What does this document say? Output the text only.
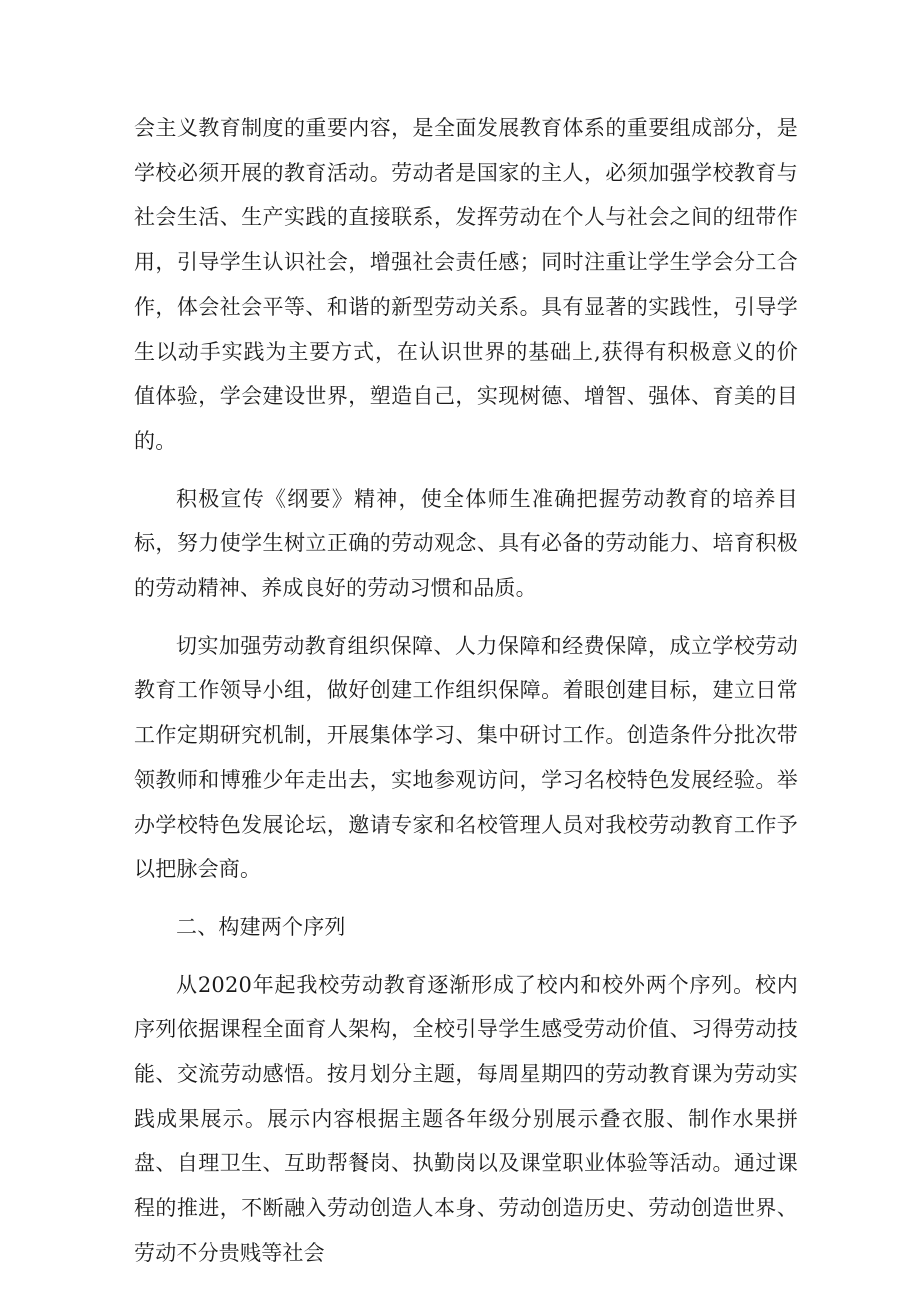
会主义教育制度的重要内容，是全面发展教育体系的重要组成部分，是学校必须开展的教育活动。劳动者是国家的主人，必须加强学校教育与社会生活、生产实践的直接联系，发挥劳动在个人与社会之间的纽带作用，引导学生认识社会，增强社会责任感；同时注重让学生学会分工合作，体会社会平等、和谐的新型劳动关系。具有显著的实践性，引导学生以动手实践为主要方式，在认识世界的基础上,获得有积极意义的价值体验，学会建设世界，塑造自己，实现树德、增智、强体、育美的目的。

积极宣传《纲要》精神，使全体师生准确把握劳动教育的培养目标，努力使学生树立正确的劳动观念、具有必备的劳动能力、培育积极的劳动精神、养成良好的劳动习惯和品质。

切实加强劳动教育组织保障、人力保障和经费保障，成立学校劳动教育工作领导小组，做好创建工作组织保障。着眼创建目标，建立日常工作定期研究机制，开展集体学习、集中研讨工作。创造条件分批次带领教师和博雅少年走出去，实地参观访问，学习名校特色发展经验。举办学校特色发展论坛，邀请专家和名校管理人员对我校劳动教育工作予以把脉会商。

二、构建两个序列

从2020年起我校劳动教育逐渐形成了校内和校外两个序列。校内序列依据课程全面育人架构，全校引导学生感受劳动价值、习得劳动技能、交流劳动感悟。按月划分主题，每周星期四的劳动教育课为劳动实践成果展示。展示内容根据主题各年级分别展示叠衣服、制作水果拼盘、自理卫生、互助帮餐岗、执勤岗以及课堂职业体验等活动。通过课程的推进，不断融入劳动创造人本身、劳动创造历史、劳动创造世界、劳动不分贵贱等社会
